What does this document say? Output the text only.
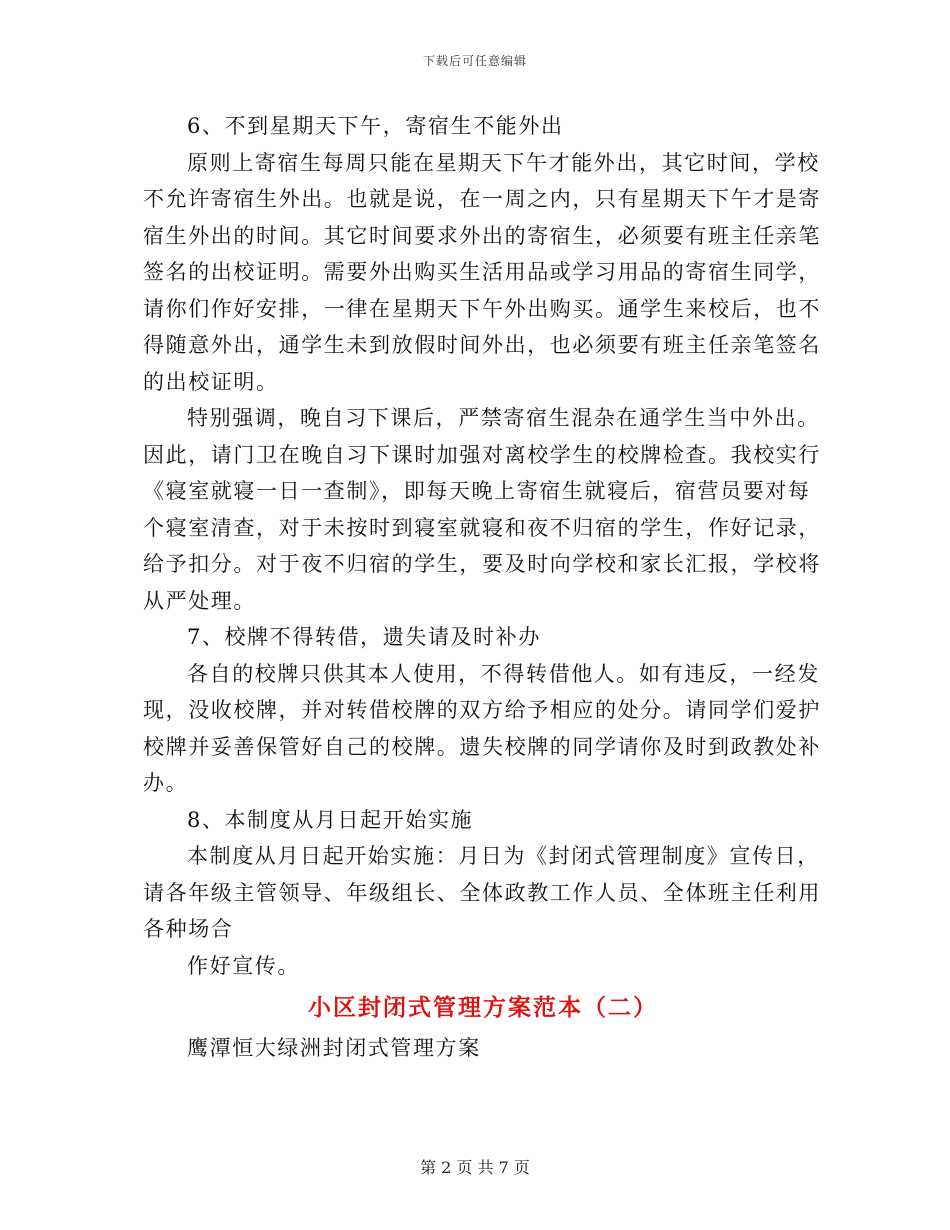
下载后可任意编辑
6、不到星期天下午，寄宿生不能外出
原则上寄宿生每周只能在星期天下午才能外出，其它时间，学校
不允许寄宿生外出。也就是说，在一周之内，只有星期天下午才是寄
宿生外出的时间。其它时间要求外出的寄宿生，必须要有班主任亲笔
签名的出校证明。需要外出购买生活用品或学习用品的寄宿生同学，
请你们作好安排，一律在星期天下午外出购买。通学生来校后，也不
得随意外出，通学生未到放假时间外出，也必须要有班主任亲笔签名
的出校证明。
特别强调，晚自习下课后，严禁寄宿生混杂在通学生当中外出。
因此，请门卫在晚自习下课时加强对离校学生的校牌检查。我校实行
《寝室就寝一日一查制》，即每天晚上寄宿生就寝后，宿营员要对每
个寝室清查，对于未按时到寝室就寝和夜不归宿的学生，作好记录，
给予扣分。对于夜不归宿的学生，要及时向学校和家长汇报，学校将
从严处理。
7、校牌不得转借，遗失请及时补办
各自的校牌只供其本人使用，不得转借他人。如有违反，一经发
现，没收校牌，并对转借校牌的双方给予相应的处分。请同学们爱护
校牌并妥善保管好自己的校牌。遗失校牌的同学请你及时到政教处补
办。
8、本制度从月日起开始实施
本制度从月日起开始实施：月日为《封闭式管理制度》宣传日，
请各年级主管领导、年级组长、全体政教工作人员、全体班主任利用
各种场合
作好宣传。
小区封闭式管理方案范本（二）
鹰潭恒大绿洲封闭式管理方案
第 2 页 共 7 页
